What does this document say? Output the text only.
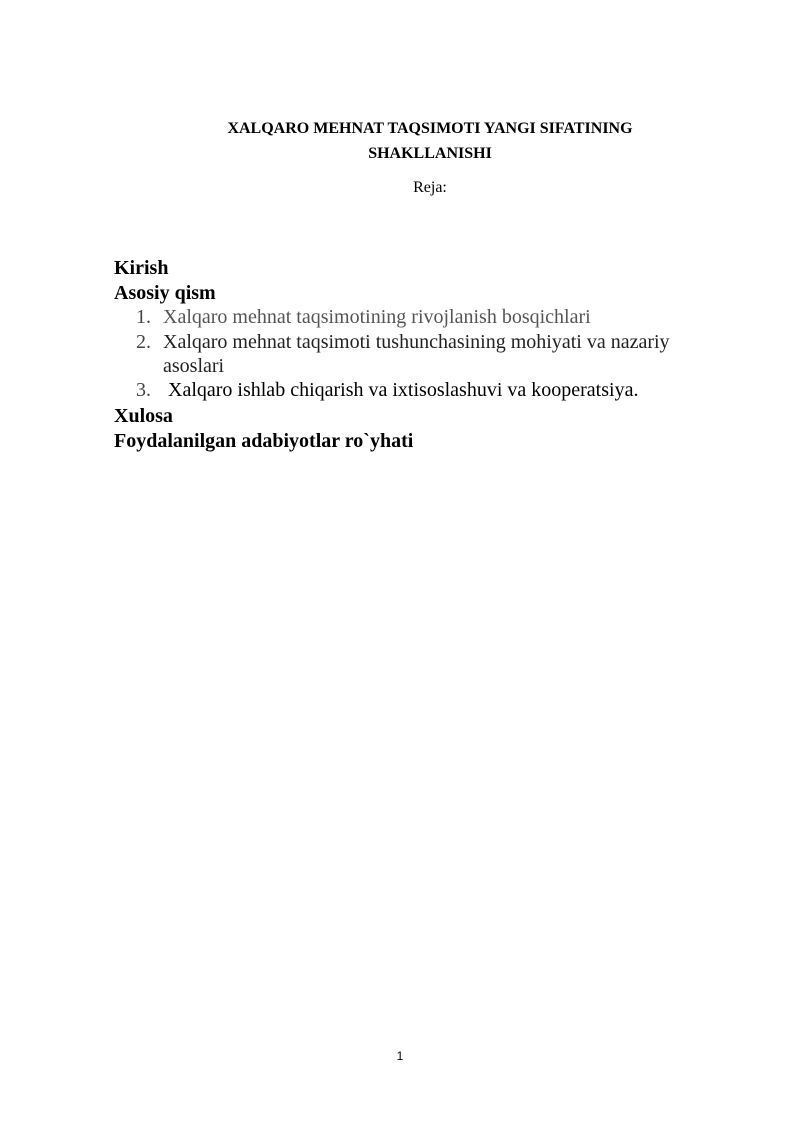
XALQARO MEHNAT TAQSIMOTI YANGI SIFATINING
SHAKLLANISHI
Reja:
Kirish
Asosiy qism
1. Xalqaro mehnat taqsimotining rivojlanish bosqichlari
2. Xalqaro mehnat taqsimoti tushunchasining mohiyati va nazariy asoslari
3. Xalqaro ishlab chiqarish va ixtisoslashuvi va kooperatsiya.
Xulosa
Foydalanilgan adabiyotlar ro`yhati
1
